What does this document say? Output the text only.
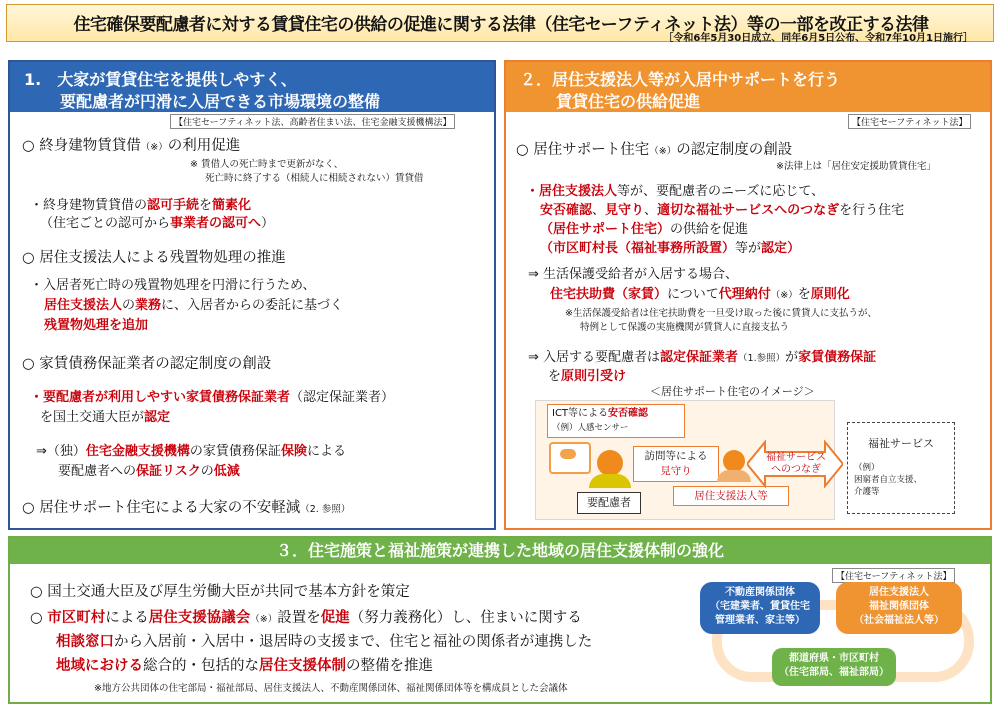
住宅確保要配慮者に対する賃貸住宅の供給の促進に関する法律（住宅セーフティネット法）等の一部を改正する法律
［令和6年5月30日成立、同年6月5日公布、令和7年10月1日施行］
1.　大家が賃貸住宅を提供しやすく、
要配慮者が円滑に入居できる市場環境の整備
【住宅セーフティネット法、高齢者住まい法、住宅金融支援機構法】
○ 終身建物賃貸借（※）の利用促進
※ 賃借人の死亡時まで更新がなく、
死亡時に終了する（相続人に相続されない）賃貸借
・終身建物賃貸借の認可手続を簡素化
（住宅ごとの認可から事業者の認可へ）
○ 居住支援法人による残置物処理の推進
・入居者死亡時の残置物処理を円滑に行うため、
居住支援法人の業務に、入居者からの委託に基づく
残置物処理を追加
○ 家賃債務保証業者の認定制度の創設
・要配慮者が利用しやすい家賃債務保証業者（認定保証業者）
を国土交通大臣が認定
⇒（独）住宅金融支援機構の家賃債務保証保険による
要配慮者への保証リスクの低減
○ 居住サポート住宅による大家の不安軽減（2. 参照）
２．居住支援法人等が入居中サポートを行う
賃貸住宅の供給促進
【住宅セーフティネット法】
○ 居住サポート住宅（※）の認定制度の創設
※法律上は「居住安定援助賃貸住宅」
・居住支援法人等が、要配慮者のニーズに応じて、
安否確認、見守り、適切な福祉サービスへのつなぎを行う住宅
（居住サポート住宅）の供給を促進
（市区町村長（福祉事務所設置）等が認定）
⇒ 生活保護受給者が入居する場合、
住宅扶助費（家賃）について代理納付（※）を原則化
※生活保護受給者は住宅扶助費を一旦受け取った後に賃貸人に支払うが、
特例として保護の実施機関が賃貸人に直接支払う
⇒ 入居する要配慮者は認定保証業者（1.参照）が家賃債務保証
を原則引受け
＜居住サポート住宅のイメージ＞
ICT等による安否確認
（例）人感センサー
要配慮者
訪問等による
見守り
居住支援法人等
福祉サービス
へのつなぎ
福祉サービス
（例）
困窮者自立支援、
介護等
３．住宅施策と福祉施策が連携した地域の居住支援体制の強化
【住宅セーフティネット法】
○ 国土交通大臣及び厚生労働大臣が共同で基本方針を策定
○ 市区町村による居住支援協議会（※）設置を促進（努力義務化）し、住まいに関する
相談窓口から入居前・入居中・退居時の支援まで、住宅と福祉の関係者が連携した
地域における総合的・包括的な居住支援体制の整備を推進
※地方公共団体の住宅部局・福祉部局、居住支援法人、不動産関係団体、福祉関係団体等を構成員とした会議体
不動産関係団体
（宅建業者、賃貸住宅
管理業者、家主等）
居住支援法人
福祉関係団体
（社会福祉法人等）
都道府県・市区町村
（住宅部局、福祉部局）
